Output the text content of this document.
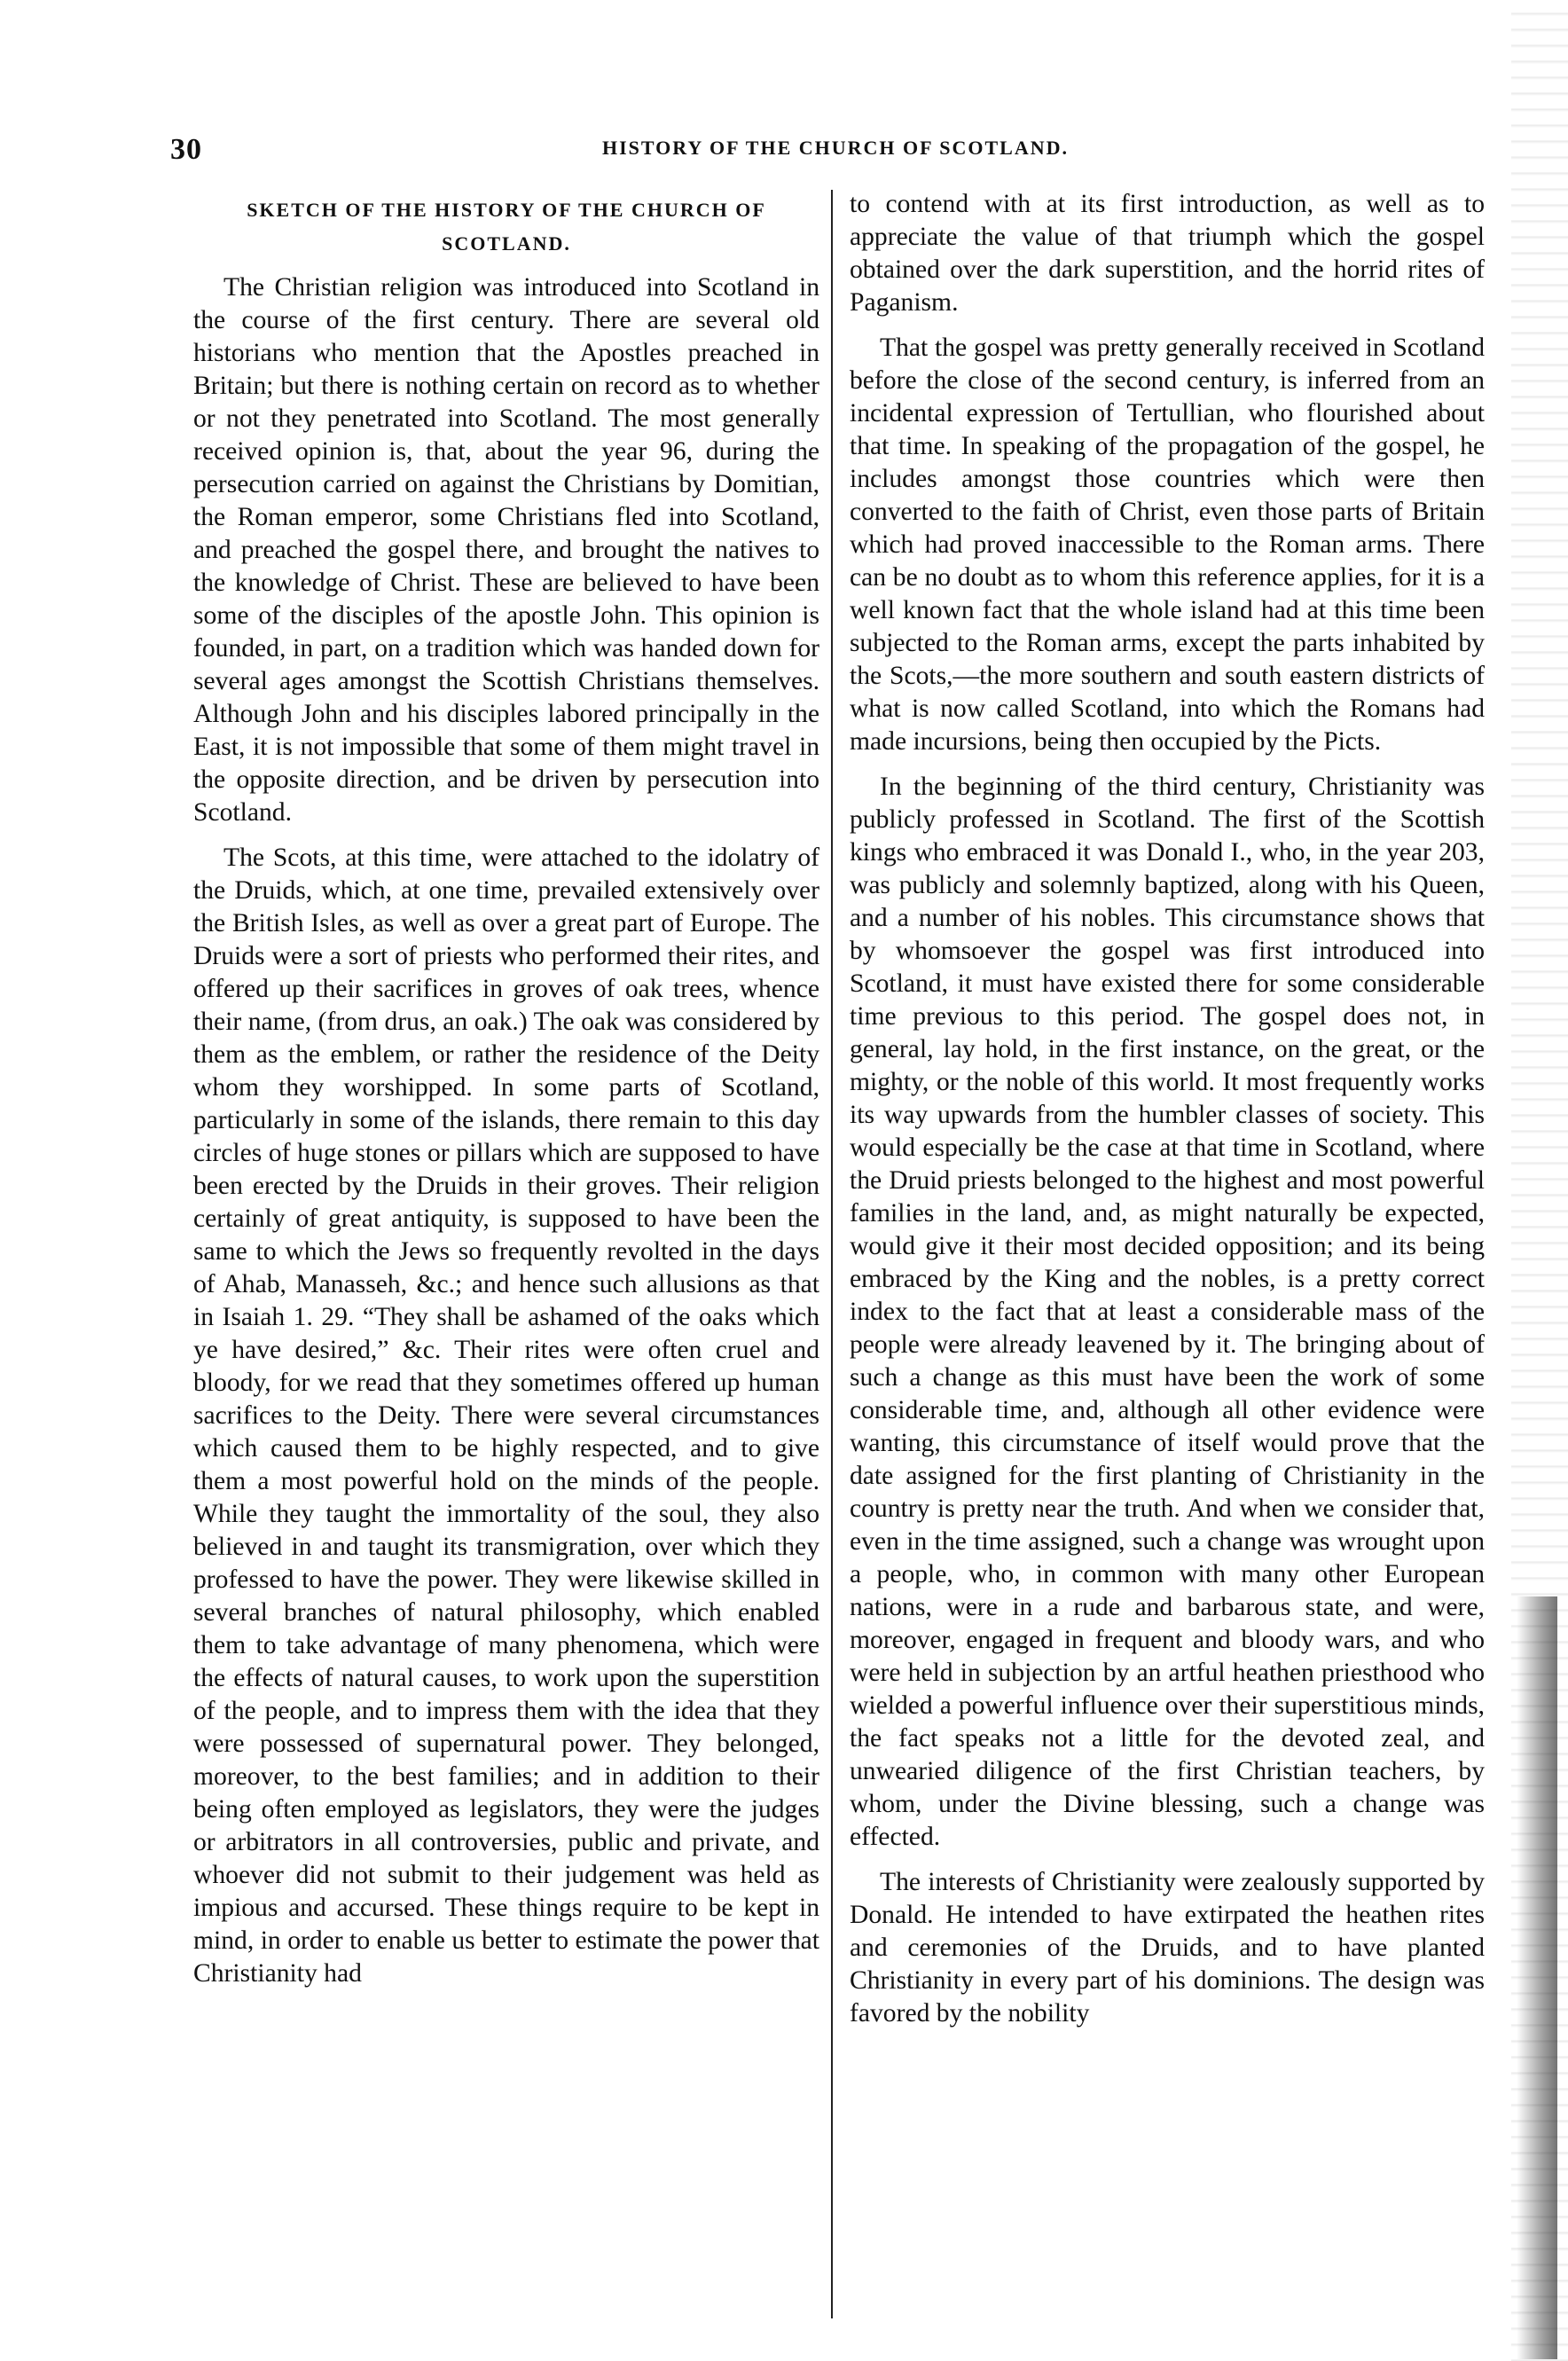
30	HISTORY OF THE CHURCH OF SCOTLAND.
SKETCH OF THE HISTORY OF THE CHURCH OF SCOTLAND.

The Christian religion was introduced into Scotland in the course of the first century. There are several old historians who mention that the Apostles preached in Britain; but there is nothing certain on record as to whether or not they penetrated into Scotland. The most generally received opinion is, that, about the year 96, during the persecution carried on against the Christians by Domitian, the Roman emperor, some Christians fled into Scotland, and preached the gospel there, and brought the natives to the knowledge of Christ. These are believed to have been some of the disciples of the apostle John. This opinion is founded, in part, on a tradition which was handed down for several ages amongst the Scottish Christians themselves. Although John and his disciples labored principally in the East, it is not impossible that some of them might travel in the opposite direction, and be driven by persecution into Scotland.

The Scots, at this time, were attached to the idolatry of the Druids, which, at one time, prevailed extensively over the British Isles, as well as over a great part of Europe. The Druids were a sort of priests who performed their rites, and offered up their sacrifices in groves of oak trees, whence their name, (from drus, an oak.) The oak was considered by them as the emblem, or rather the residence of the Deity whom they worshipped. In some parts of Scotland, particularly in some of the islands, there remain to this day circles of huge stones or pillars which are supposed to have been erected by the Druids in their groves. Their religion certainly of great antiquity, is supposed to have been the same to which the Jews so frequently revolted in the days of Ahab, Manasseh, &c.; and hence such allusions as that in Isaiah 1. 29. “They shall be ashamed of the oaks which ye have desired,” &c. Their rites were often cruel and bloody, for we read that they sometimes offered up human sacrifices to the Deity. There were several circumstances which caused them to be highly respected, and to give them a most powerful hold on the minds of the people. While they taught the immortality of the soul, they also believed in and taught its transmigration, over which they professed to have the power. They were likewise skilled in several branches of natural philosophy, which enabled them to take advantage of many phenomena, which were the effects of natural causes, to work upon the superstition of the people, and to impress them with the idea that they were possessed of supernatural power. They belonged, moreover, to the best families; and in addition to their being often employed as legislators, they were the judges or arbitrators in all controversies, public and private, and whoever did not submit to their judgement was held as impious and accursed. These things require to be kept in mind, in order to enable us better to estimate the power that Christianity had

to contend with at its first introduction, as well as to appreciate the value of that triumph which the gospel obtained over the dark superstition, and the horrid rites of Paganism.

That the gospel was pretty generally received in Scotland before the close of the second century, is inferred from an incidental expression of Tertullian, who flourished about that time. In speaking of the propagation of the gospel, he includes amongst those countries which were then converted to the faith of Christ, even those parts of Britain which had proved inaccessible to the Roman arms. There can be no doubt as to whom this reference applies, for it is a well known fact that the whole island had at this time been subjected to the Roman arms, except the parts inhabited by the Scots,—the more southern and south eastern districts of what is now called Scotland, into which the Romans had made incursions, being then occupied by the Picts.

In the beginning of the third century, Christianity was publicly professed in Scotland. The first of the Scottish kings who embraced it was Donald I., who, in the year 203, was publicly and solemnly baptized, along with his Queen, and a number of his nobles. This circumstance shows that by whomsoever the gospel was first introduced into Scotland, it must have existed there for some considerable time previous to this period. The gospel does not, in general, lay hold, in the first instance, on the great, or the mighty, or the noble of this world. It most frequently works its way upwards from the humbler classes of society. This would especially be the case at that time in Scotland, where the Druid priests belonged to the highest and most powerful families in the land, and, as might naturally be expected, would give it their most decided opposition; and its being embraced by the King and the nobles, is a pretty correct index to the fact that at least a considerable mass of the people were already leavened by it. The bringing about of such a change as this must have been the work of some considerable time, and, although all other evidence were wanting, this circumstance of itself would prove that the date assigned for the first planting of Christianity in the country is pretty near the truth. And when we consider that, even in the time assigned, such a change was wrought upon a people, who, in common with many other European nations, were in a rude and barbarous state, and were, moreover, engaged in frequent and bloody wars, and who were held in subjection by an artful heathen priesthood who wielded a powerful influence over their superstitious minds, the fact speaks not a little for the devoted zeal, and unwearied diligence of the first Christian teachers, by whom, under the Divine blessing, such a change was effected.

The interests of Christianity were zealously supported by Donald. He intended to have extirpated the heathen rites and ceremonies of the Druids, and to have planted Christianity in every part of his dominions. The design was favored by the nobility
